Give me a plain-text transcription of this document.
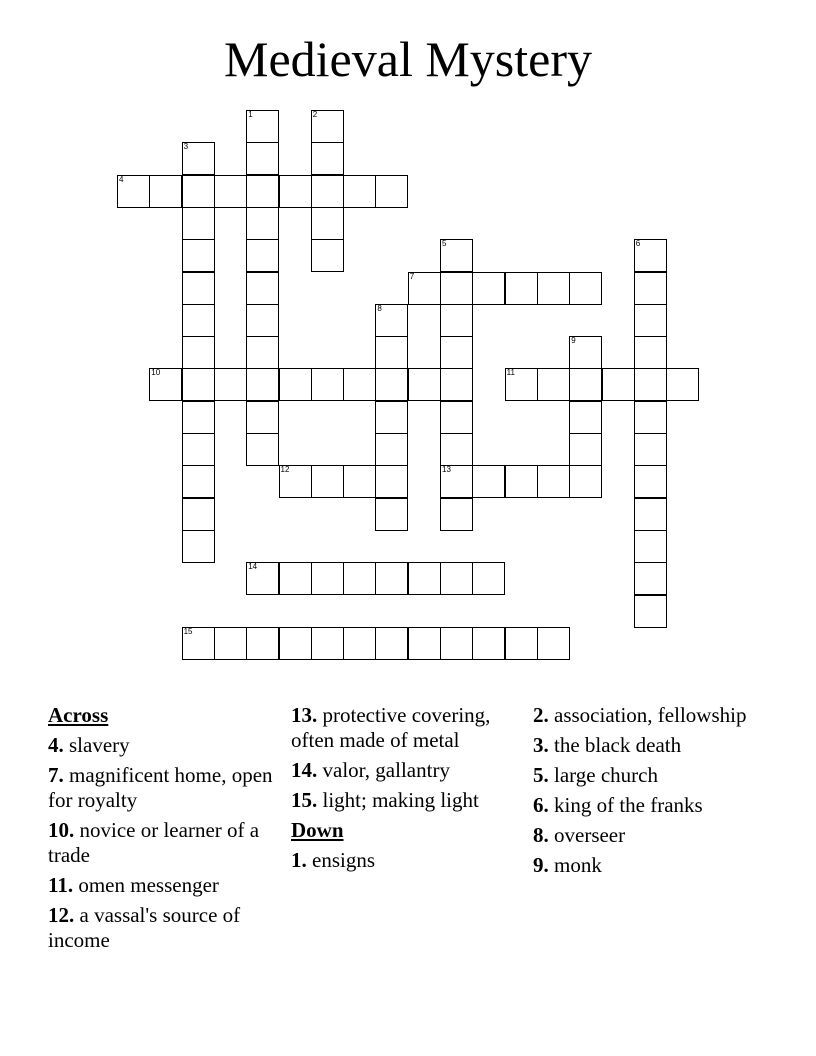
Medieval Mystery
1	2
3
4
5
13
6
7
8
9
10	11
12
14
15
Across
4. slavery
7. magnificent home, open for royalty
10. novice or learner of a trade
11. omen messenger
12. a vassal's source of income
13. protective covering, often made of metal
14. valor, gallantry
15. light; making light
Down
1. ensigns
2. association, fellowship
3. the black death
5. large church
6. king of the franks
8. overseer
9. monk
